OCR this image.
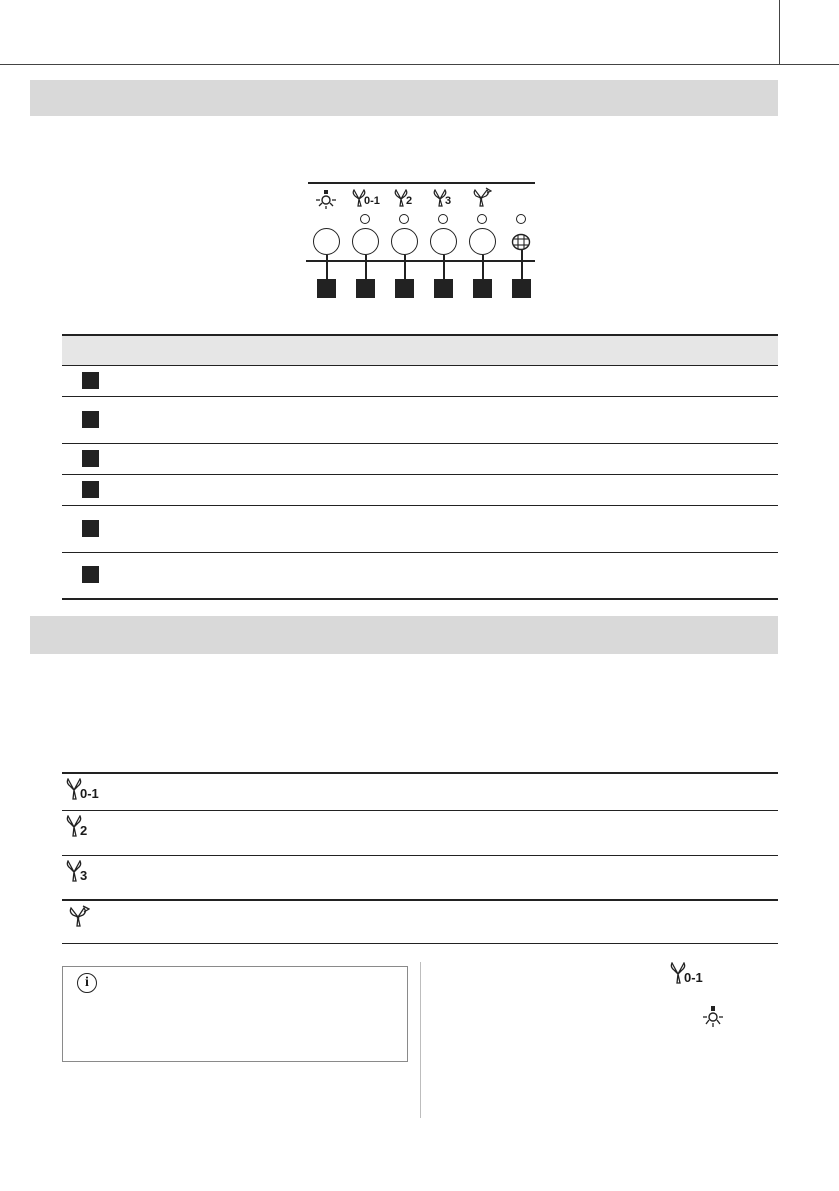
0-1 2	3
0-1
2
3
i	0-1
